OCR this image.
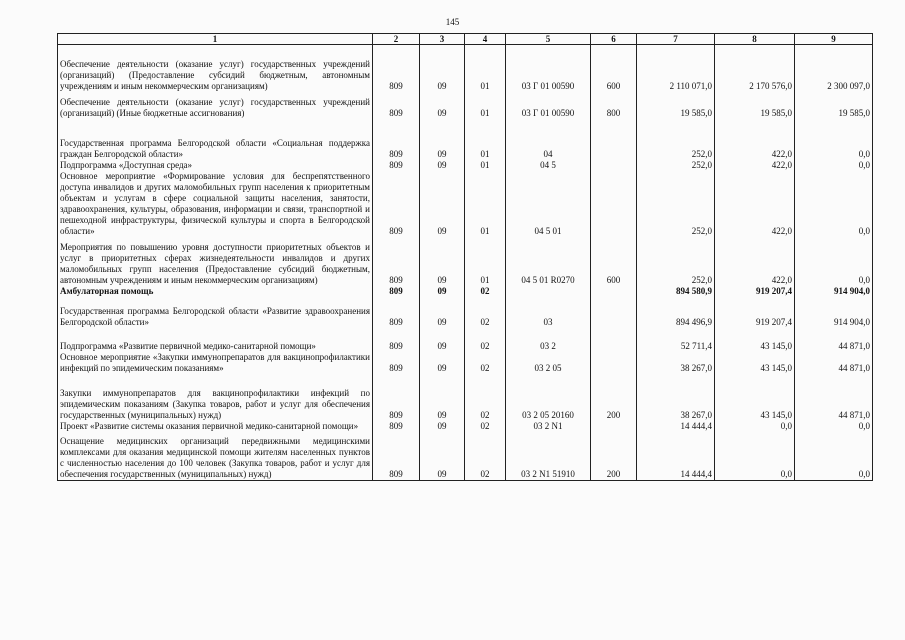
145
1	2	3	4	5	6	7	8	9
Обеспечение деятельности (оказание услуг) государственных учреждений (организаций) (Предоставление субсидий бюджетным, автономным учреждениям и иным некоммерческим организациям)	809	09	01	03 Г 01 00590	600	2 110 071,0	2 170 576,0	2 300 097,0
Обеспечение деятельности (оказание услуг) государственных учреждений (организаций) (Иные бюджетные ассигнования)	809	09	01	03 Г 01 00590	800	19 585,0	19 585,0	19 585,0
Государственная программа Белгородской области «Социальная поддержка граждан Белгородской области»	809	09	01	04		252,0	422,0	0,0
Подпрограмма «Доступная среда»	809	09	01	04 5		252,0	422,0	0,0
Основное мероприятие «Формирование условия для беспрепятственного доступа инвалидов и других маломобильных групп населения к приоритетным объектам и услугам в сфере социальной защиты населения, занятости, здравоохранения, культуры, образования, информации и связи, транспортной и пешеходной инфраструктуры, физической культуры и спорта в Белгородской области»	809	09	01	04 5 01		252,0	422,0	0,0
Мероприятия по повышению уровня доступности приоритетных объектов и услуг в приоритетных сферах жизнедеятельности инвалидов и других маломобильных групп населения (Предоставление субсидий бюджетным, автономным учреждениям и иным некоммерческим организациям)	809	09	01	04 5 01 R0270	600	252,0	422,0	0,0
Амбулаторная помощь	809	09	02			894 580,9	919 207,4	914 904,0
Государственная программа Белгородской области «Развитие здравоохранения Белгородской области»	809	09	02	03		894 496,9	919 207,4	914 904,0
Подпрограмма «Развитие первичной медико-санитарной помощи»	809	09	02	03 2		52 711,4	43 145,0	44 871,0
Основное мероприятие «Закупки иммунопрепаратов для вакцинопрофилактики инфекций по эпидемическим показаниям»	809	09	02	03 2 05		38 267,0	43 145,0	44 871,0
Закупки иммунопрепаратов для вакцинопрофилактики инфекций по эпидемическим показаниям (Закупка товаров, работ и услуг для обеспечения государственных (муниципальных) нужд)	809	09	02	03 2 05 20160	200	38 267,0	43 145,0	44 871,0
Проект «Развитие системы оказания первичной медико-санитарной помощи»	809	09	02	03 2 N1		14 444,4	0,0	0,0
Оснащение медицинских организаций передвижными медицинскими комплексами для оказания медицинской помощи жителям населенных пунктов с численностью населения до 100 человек (Закупка товаров, работ и услуг для обеспечения государственных (муниципальных) нужд)	809	09	02	03 2 N1 51910	200	14 444,4	0,0	0,0
